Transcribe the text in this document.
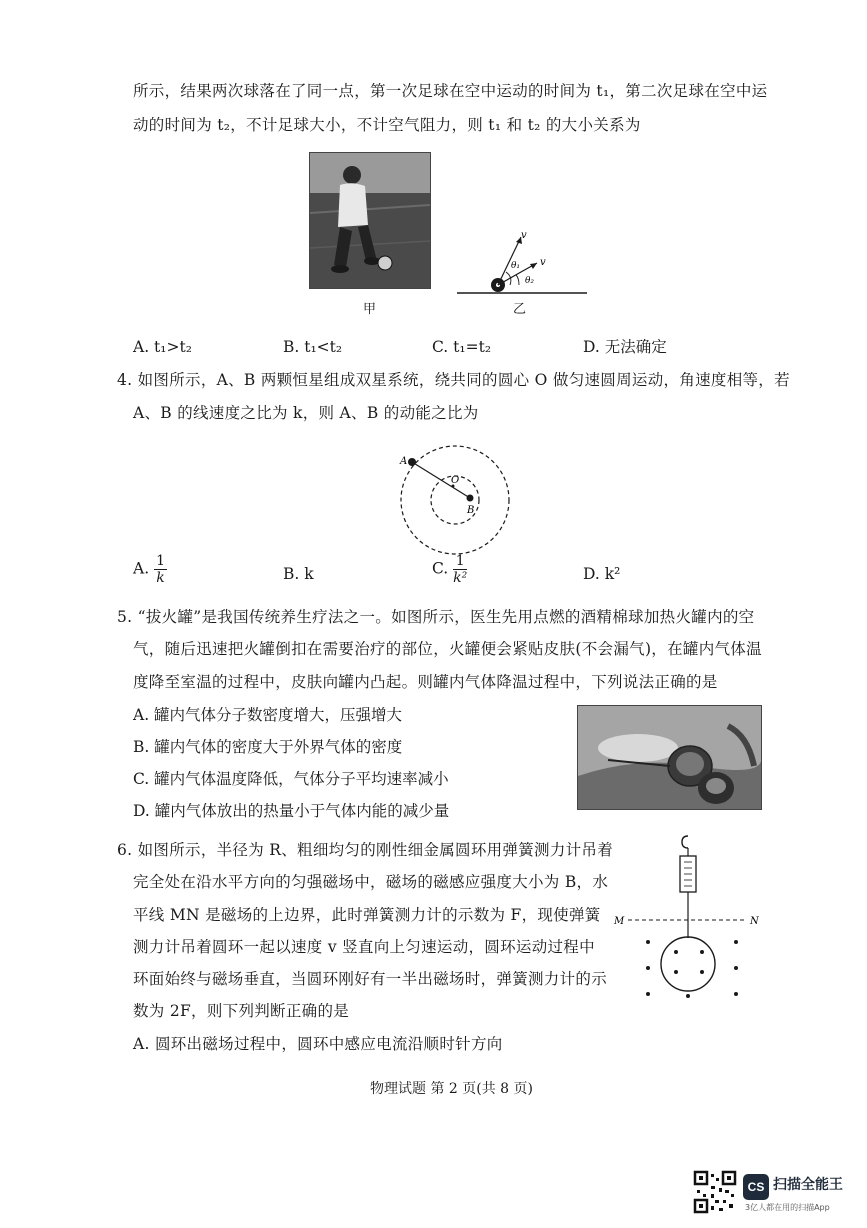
所示，结果两次球落在了同一点，第一次足球在空中运动的时间为 t₁，第二次足球在空中运
动的时间为 t₂，不计足球大小，不计空气阻力，则 t₁ 和 t₂ 的大小关系为
甲
v
v
θ₁
θ₂
乙
A. t₁>t₂	B. t₁<t₂	C. t₁=t₂	D. 无法确定
4. 如图所示，A、B 两颗恒星组成双星系统，绕共同的圆心 O 做匀速圆周运动，角速度相等，若
A、B 的线速度之比为 k，则 A、B 的动能之比为
A
B
O
A. $\frac{1}{k}$	B. k	C. $\frac{1}{\text{k²}}$	D. k²
5. “拔火罐”是我国传统养生疗法之一。如图所示，医生先用点燃的酒精棉球加热火罐内的空
气，随后迅速把火罐倒扣在需要治疗的部位，火罐便会紧贴皮肤(不会漏气)，在罐内气体温
度降至室温的过程中，皮肤向罐内凸起。则罐内气体降温过程中，下列说法正确的是
A. 罐内气体分子数密度增大，压强增大
B. 罐内气体的密度大于外界气体的密度
C. 罐内气体温度降低，气体分子平均速率减小
D. 罐内气体放出的热量小于气体内能的减少量
6. 如图所示，半径为 R、粗细均匀的刚性细金属圆环用弹簧测力计吊着
完全处在沿水平方向的匀强磁场中，磁场的磁感应强度大小为 B，水
平线 MN 是磁场的上边界，此时弹簧测力计的示数为 F，现使弹簧
测力计吊着圆环一起以速度 v 竖直向上匀速运动，圆环运动过程中
环面始终与磁场垂直，当圆环刚好有一半出磁场时，弹簧测力计的示
数为 2F，则下列判断正确的是
A. 圆环出磁场过程中，圆环中感应电流沿顺时针方向
M	N
物理试题 第 2 页(共 8 页)
CS 扫描全能王
3亿人都在用的扫描App
